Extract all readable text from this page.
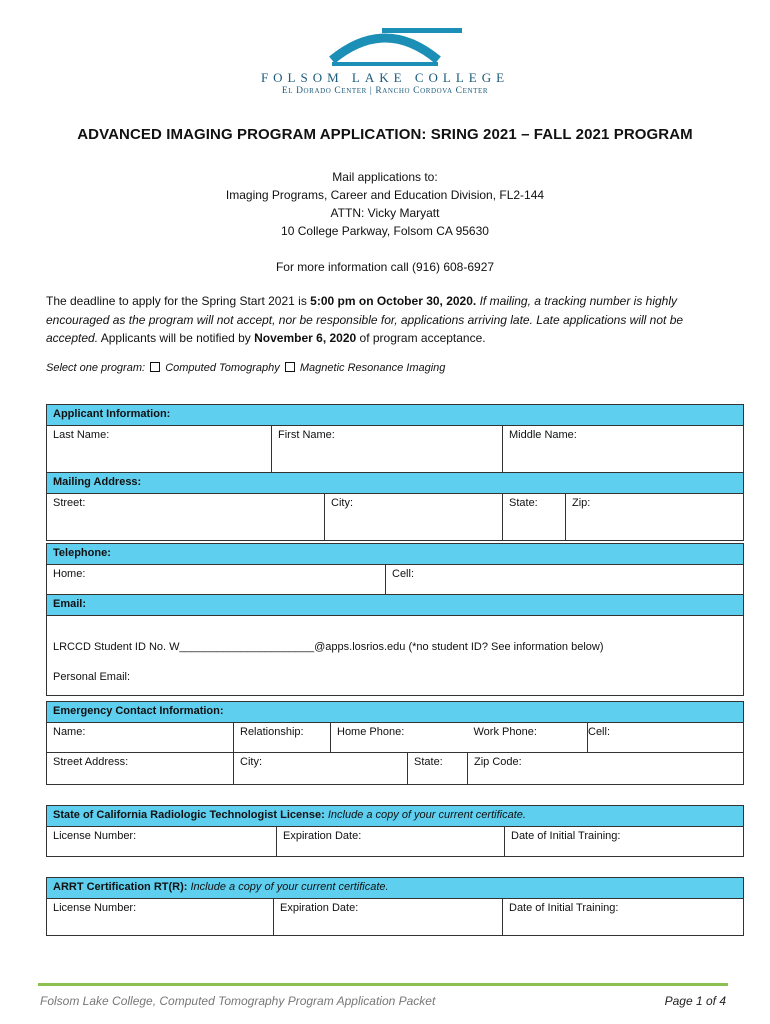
FOLSOM LAKE COLLEGE
El Dorado Center | Rancho Cordova Center
ADVANCED IMAGING PROGRAM APPLICATION: SRING 2021 – FALL 2021 PROGRAM
Mail applications to:
Imaging Programs, Career and Education Division, FL2-144
ATTN: Vicky Maryatt
10 College Parkway, Folsom CA 95630
For more information call (916) 608-6927
The deadline to apply for the Spring Start 2021 is 5:00 pm on October 30, 2020. If mailing, a tracking number is highly encouraged as the program will not accept, nor be responsible for, applications arriving late. Late applications will not be accepted. Applicants will be notified by November 6, 2020 of program acceptance.
Select one program: Computed Tomography Magnetic Resonance Imaging
Applicant Information:				
Last Name:	First Name:		Middle Name:	
Mailing Address:				
Street:		City:	State:	Zip:
Telephone:
Home:	Cell:
Email:

LRCCD Student ID No. W______________________@apps.losrios.edu (*no student ID? See information below)
Personal Email:
Emergency Contact Information:					
Name:	Relationship:	Home Phone:		Work Phone:	Cell:
Street Address:	City:		State:	Zip Code:	
State of California Radiologic Technologist License: Include a copy of your current certificate.
License Number:	Expiration Date:	Date of Initial Training:
ARRT Certification RT(R): Include a copy of your current certificate.
License Number:	Expiration Date:	Date of Initial Training:
Folsom Lake College, Computed Tomography Program Application Packet	Page 1 of 4
